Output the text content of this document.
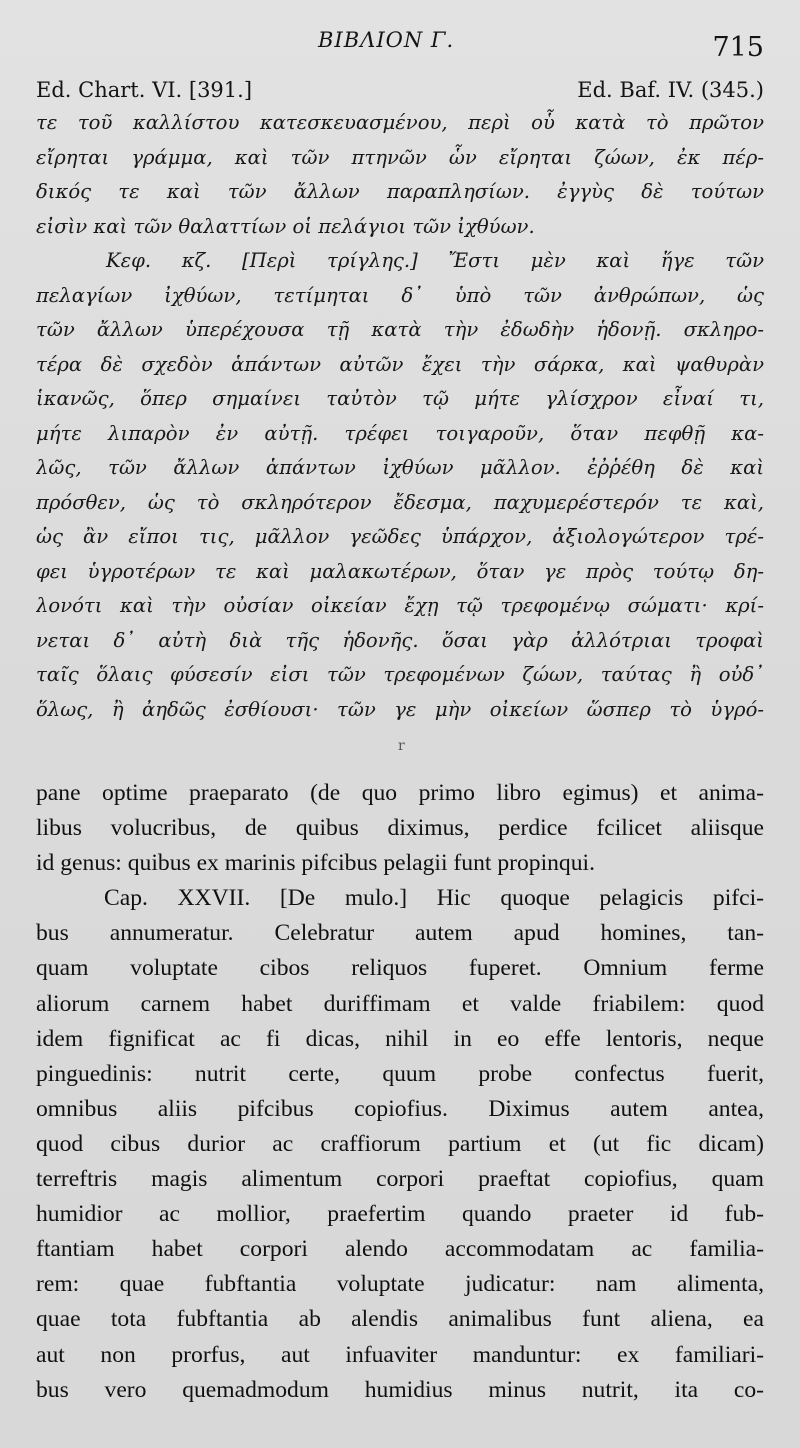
ΒΙΒΛΙΟΝ Γ.	715
Ed. Chart. VI. [391.]	Ed. Baf. IV. (345.)
τε τοῦ καλλίστου κατεσκευασμένου, περὶ οὗ κατὰ τὸ πρῶτον
εἴρηται γράμμα, καὶ τῶν πτηνῶν ὧν εἴρηται ζώων, ἐκ πέρ-
δικός τε καὶ τῶν ἄλλων παραπλησίων. ἐγγὺς δὲ τούτων
εἰσὶν καὶ τῶν θαλαττίων οἱ πελάγιοι τῶν ἰχθύων.
Κεφ. κζ. [Περὶ τρίγλης.] Ἔστι μὲν καὶ ἥγε τῶν
πελαγίων ἰχθύων, τετίμηται δ᾽ ὑπὸ τῶν ἀνθρώπων, ὡς
τῶν ἄλλων ὑπερέχουσα τῇ κατὰ τὴν ἐδωδὴν ἡδονῇ. σκληρο-
τέρα δὲ σχεδὸν ἁπάντων αὐτῶν ἔχει τὴν σάρκα, καὶ ψαθυρὰν
ἱκανῶς, ὅπερ σημαίνει ταὐτὸν τῷ μήτε γλίσχρον εἶναί τι,
μήτε λιπαρὸν ἐν αὐτῇ. τρέφει τοιγαροῦν, ὅταν πεφθῇ κα-
λῶς, τῶν ἄλλων ἁπάντων ἰχθύων μᾶλλον. ἐῤῥέθη δὲ καὶ
πρόσθεν, ὡς τὸ σκληρότερον ἔδεσμα, παχυμερέστερόν τε καὶ,
ὡς ἂν εἴποι τις, μᾶλλον γεῶδες ὑπάρχον, ἀξιολογώτερον τρέ-
φει ὑγροτέρων τε καὶ μαλακωτέρων, ὅταν γε πρὸς τούτῳ δη-
λονότι καὶ τὴν οὐσίαν οἰκείαν ἔχῃ τῷ τρεφομένῳ σώματι· κρί-
νεται δ᾽ αὐτὴ διὰ τῆς ἡδονῆς. ὅσαι γὰρ ἀλλότριαι τροφαὶ
ταῖς ὅλαις φύσεσίν εἰσι τῶν τρεφομένων ζώων, ταύτας ἢ οὐδ᾽
ὅλως, ἢ ἀηδῶς ἐσθίουσι· τῶν γε μὴν οἰκείων ὥσπερ τὸ ὑγρό-
r
pane optime praeparato (de quo primo libro egimus) et anima-
libus volucribus, de quibus diximus, perdice fcilicet aliisque
id genus: quibus ex marinis pifcibus pelagii funt propinqui.
Cap. XXVII. [De mulo.] Hic quoque pelagicis pifci-
bus annumeratur. Celebratur autem apud homines, tan-
quam voluptate cibos reliquos fuperet. Omnium ferme
aliorum carnem habet duriffimam et valde friabilem: quod
idem fignificat ac fi dicas, nihil in eo effe lentoris, neque
pinguedinis: nutrit certe, quum probe confectus fuerit,
omnibus aliis pifcibus copiofius. Diximus autem antea,
quod cibus durior ac craffiorum partium et (ut fic dicam)
terreftris magis alimentum corpori praeftat copiofius, quam
humidior ac mollior, praefertim quando praeter id fub-
ftantiam habet corpori alendo accommodatam ac familia-
rem: quae fubftantia voluptate judicatur: nam alimenta,
quae tota fubftantia ab alendis animalibus funt aliena, ea
aut non prorfus, aut infuaviter manduntur: ex familiari-
bus vero quemadmodum humidius minus nutrit, ita co-
